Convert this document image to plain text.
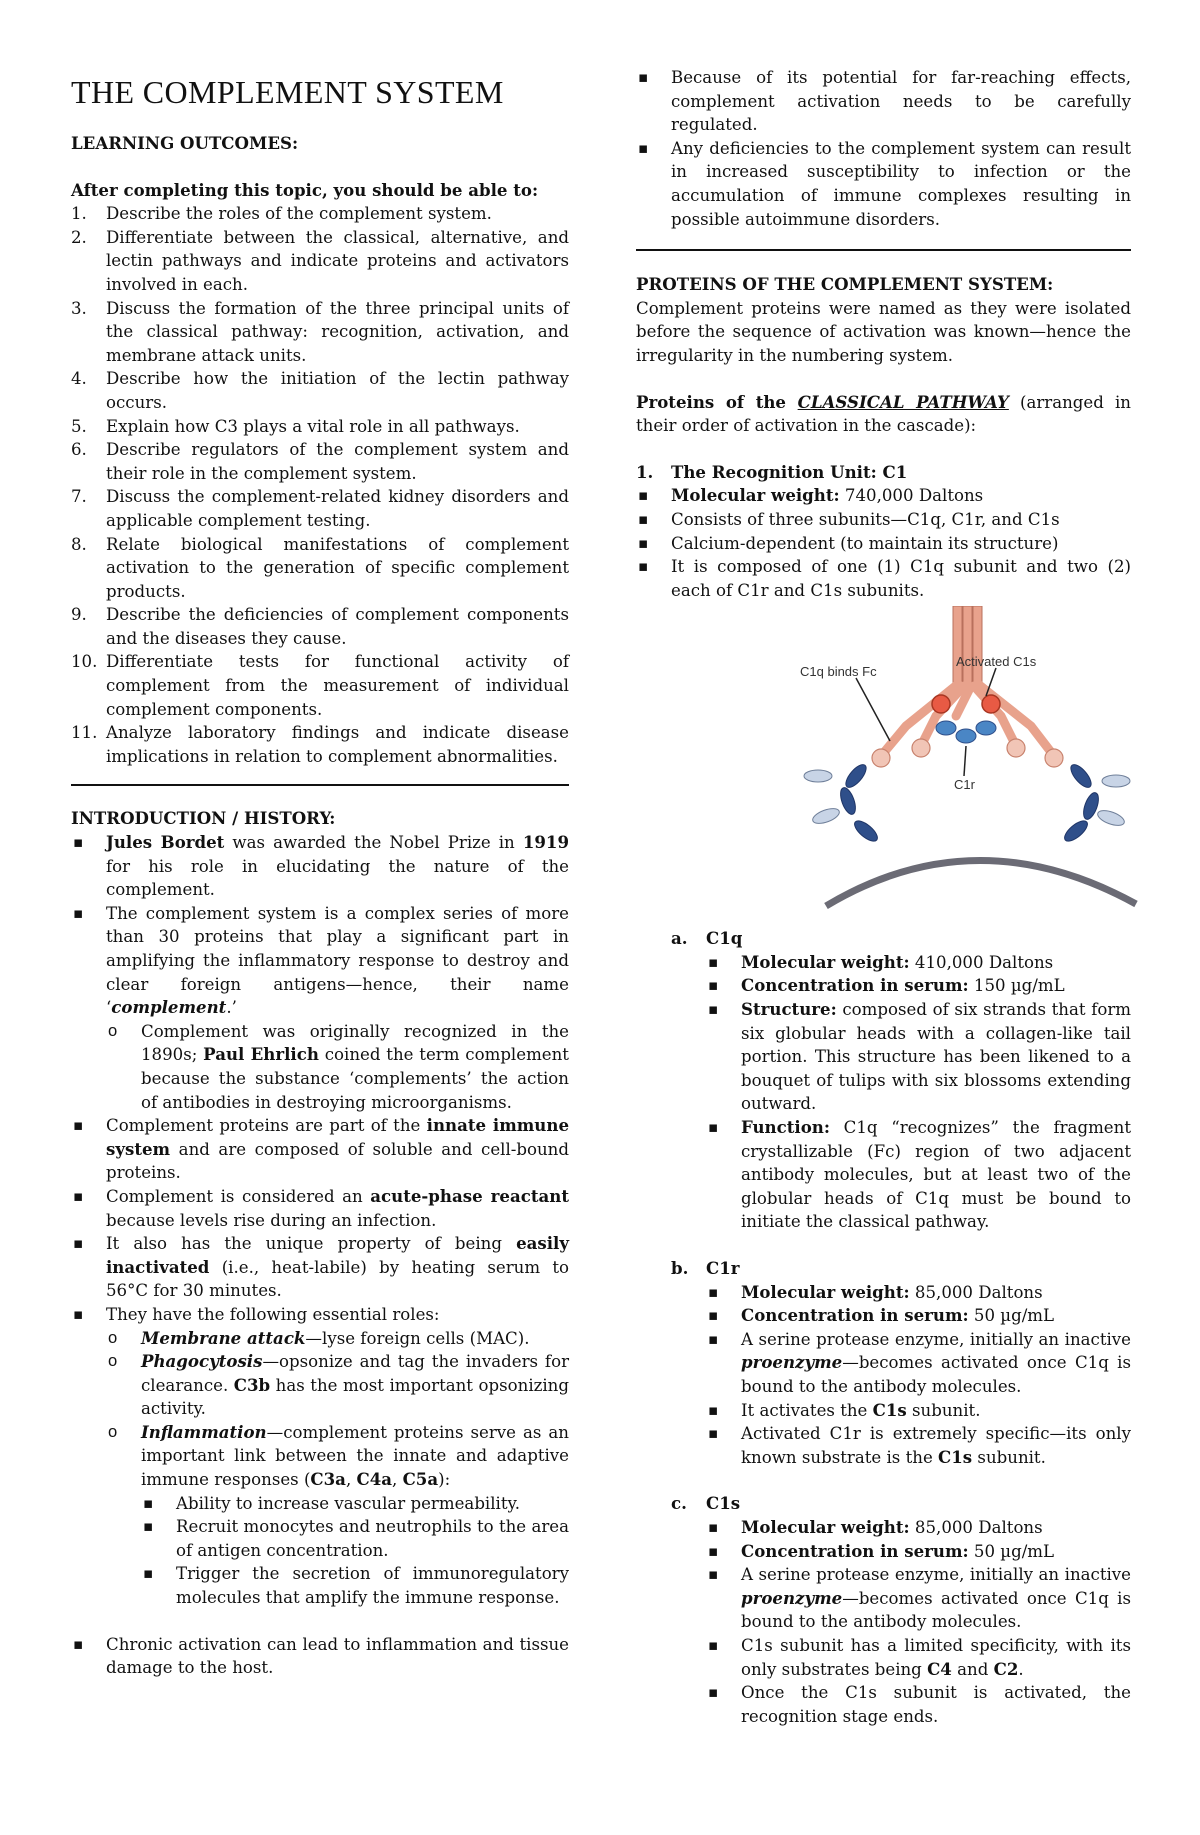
THE COMPLEMENT SYSTEM

LEARNING OUTCOMES:

After completing this topic, you should be able to:

1. Describe the roles of the complement system.
2. Differentiate between the classical, alternative, and lectin pathways and indicate proteins and activators involved in each.
3. Discuss the formation of the three principal units of the classical pathway: recognition, activation, and membrane attack units.
4. Describe how the initiation of the lectin pathway occurs.
5. Explain how C3 plays a vital role in all pathways.
6. Describe regulators of the complement system and their role in the complement system.
7. Discuss the complement-related kidney disorders and applicable complement testing.
8. Relate biological manifestations of complement activation to the generation of specific complement products.
9. Describe the deficiencies of complement components and the diseases they cause.
10. Differentiate tests for functional activity of complement from the measurement of individual complement components.
11. Analyze laboratory findings and indicate disease implications in relation to complement abnormalities.

INTRODUCTION / HISTORY:

▪ Jules Bordet was awarded the Nobel Prize in 1919 for his role in elucidating the nature of the complement.
▪ The complement system is a complex series of more than 30 proteins that play a significant part in amplifying the inflammatory response to destroy and clear foreign antigens—hence, their name ‘complement.’
o Complement was originally recognized in the 1890s; Paul Ehrlich coined the term complement because the substance ‘complements’ the action of antibodies in destroying microorganisms.
▪ Complement proteins are part of the innate immune system and are composed of soluble and cell-bound proteins.
▪ Complement is considered an acute-phase reactant because levels rise during an infection.
▪ It also has the unique property of being easily inactivated (i.e., heat-labile) by heating serum to 56°C for 30 minutes.
▪ They have the following essential roles:
o Membrane attack—lyse foreign cells (MAC).
o Phagocytosis—opsonize and tag the invaders for clearance. C3b has the most important opsonizing activity.
o Inflammation—complement proteins serve as an important link between the innate and adaptive immune responses (C3a, C4a, C5a):
▪ Ability to increase vascular permeability.
▪ Recruit monocytes and neutrophils to the area of antigen concentration.
▪ Trigger the secretion of immunoregulatory molecules that amplify the immune response.
▪ Chronic activation can lead to inflammation and tissue damage to the host.
▪ Because of its potential for far-reaching effects, complement activation needs to be carefully regulated.
▪ Any deficiencies to the complement system can result in increased susceptibility to infection or the accumulation of immune complexes resulting in possible autoimmune disorders.

PROTEINS OF THE COMPLEMENT SYSTEM:

Complement proteins were named as they were isolated before the sequence of activation was known—hence the irregularity in the numbering system.

Proteins of the CLASSICAL PATHWAY (arranged in their order of activation in the cascade):

1. The Recognition Unit: C1
▪ Molecular weight: 740,000 Daltons
▪ Consists of three subunits—C1q, C1r, and C1s
▪ Calcium-dependent (to maintain its structure)
▪ It is composed of one (1) C1q subunit and two (2) each of C1r and C1s subunits.
C1q binds Fc
Activated C1s
C1r
a. C1q
▪ Molecular weight: 410,000 Daltons
▪ Concentration in serum: 150 µg/mL
▪ Structure: composed of six strands that form six globular heads with a collagen-like tail portion. This structure has been likened to a bouquet of tulips with six blossoms extending outward.
▪ Function: C1q “recognizes” the fragment crystallizable (Fc) region of two adjacent antibody molecules, but at least two of the globular heads of C1q must be bound to initiate the classical pathway.
b. C1r
▪ Molecular weight: 85,000 Daltons
▪ Concentration in serum: 50 µg/mL
▪ A serine protease enzyme, initially an inactive proenzyme—becomes activated once C1q is bound to the antibody molecules.
▪ It activates the C1s subunit.
▪ Activated C1r is extremely specific—its only known substrate is the C1s subunit.
c. C1s
▪ Molecular weight: 85,000 Daltons
▪ Concentration in serum: 50 µg/mL
▪ A serine protease enzyme, initially an inactive proenzyme—becomes activated once C1q is bound to the antibody molecules.
▪ C1s subunit has a limited specificity, with its only substrates being C4 and C2.
▪ Once the C1s subunit is activated, the recognition stage ends.
